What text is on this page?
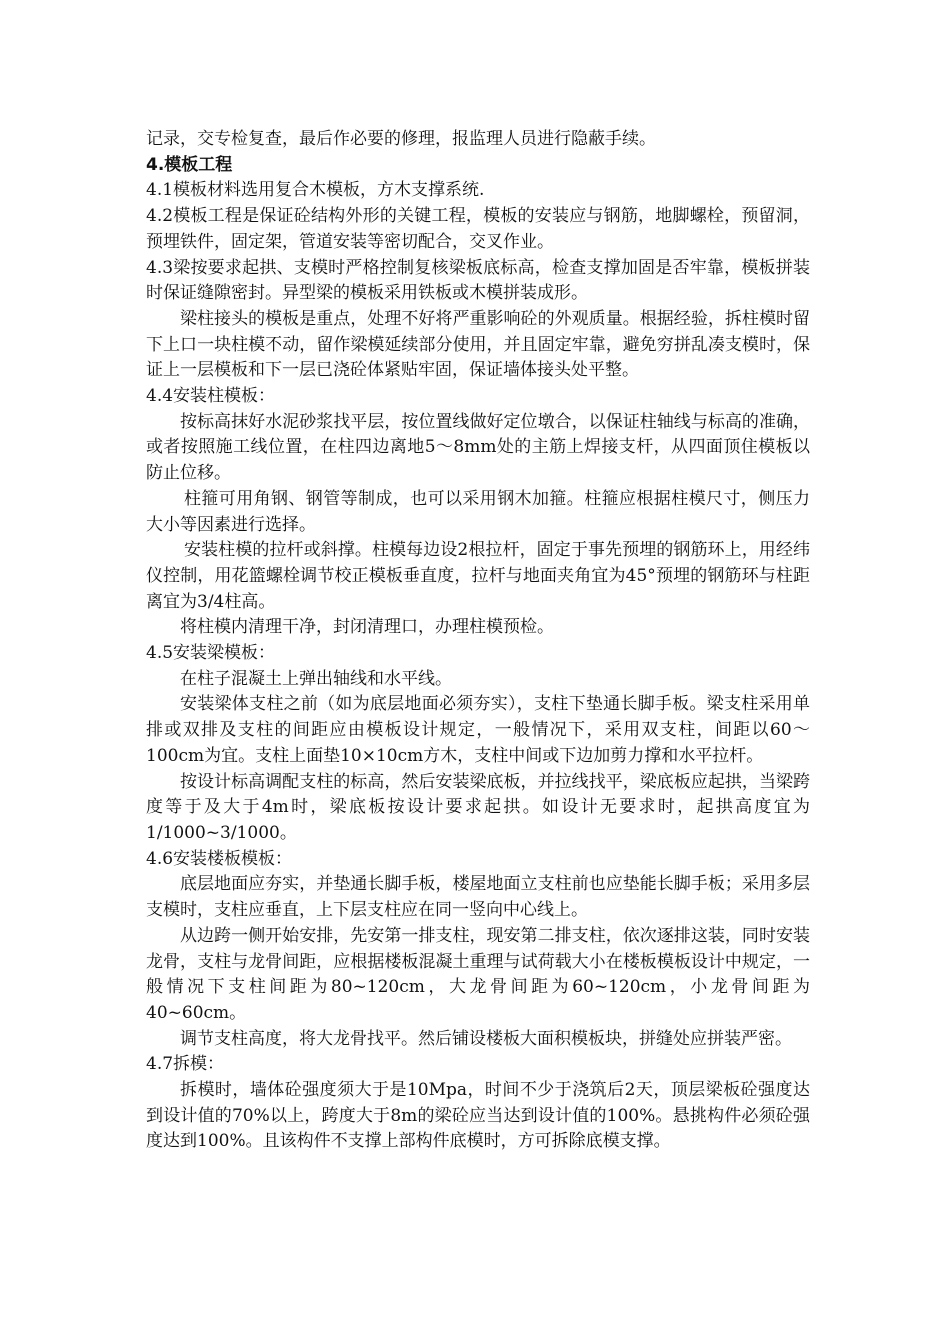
记录，交专检复查，最后作必要的修理，报监理人员进行隐蔽手续。

4.模板工程

4.1模板材料选用复合木模板，方木支撑系统.

4.2模板工程是保证砼结构外形的关键工程，模板的安装应与钢筋，地脚螺栓，预留洞，预埋铁件，固定架，管道安装等密切配合，交叉作业。

4.3梁按要求起拱、支模时严格控制复核梁板底标高，检查支撑加固是否牢靠，模板拼装时保证缝隙密封。异型梁的模板采用铁板或木模拼装成形。

梁柱接头的模板是重点，处理不好将严重影响砼的外观质量。根据经验，拆柱模时留下上口一块柱模不动，留作梁模延续部分使用，并且固定牢靠，避免穷拼乱凑支模时，保证上一层模板和下一层已浇砼体紧贴牢固，保证墙体接头处平整。

4.4安装柱模板：

按标高抹好水泥砂浆找平层，按位置线做好定位墩合，以保证柱轴线与标高的准确，或者按照施工线位置，在柱四边离地5～8mm处的主筋上焊接支杆，从四面顶住模板以防止位移。

柱箍可用角钢、钢管等制成，也可以采用钢木加箍。柱箍应根据柱模尺寸，侧压力大小等因素进行选择。

安装柱模的拉杆或斜撑。柱模每边设2根拉杆，固定于事先预埋的钢筋环上，用经纬仪控制，用花篮螺栓调节校正模板垂直度，拉杆与地面夹角宜为45°预埋的钢筋环与柱距离宜为3/4柱高。

将柱模内清理干净，封闭清理口，办理柱模预检。

4.5安装梁模板：

在柱子混凝土上弹出轴线和水平线。

安装梁体支柱之前（如为底层地面必须夯实），支柱下垫通长脚手板。梁支柱采用单排或双排及支柱的间距应由模板设计规定，一般情况下，采用双支柱，间距以60～100cm为宜。支柱上面垫10×10cm方木，支柱中间或下边加剪力撑和水平拉杆。

按设计标高调配支柱的标高，然后安装梁底板，并拉线找平，梁底板应起拱，当梁跨度等于及大于4m时，梁底板按设计要求起拱。如设计无要求时，起拱高度宜为1/1000~3/1000。

4.6安装楼板模板：

底层地面应夯实，并垫通长脚手板，楼屋地面立支柱前也应垫能长脚手板；采用多层支模时，支柱应垂直，上下层支柱应在同一竖向中心线上。

从边跨一侧开始安排，先安第一排支柱，现安第二排支柱，依次逐排这装，同时安装龙骨，支柱与龙骨间距，应根据楼板混凝土重理与试荷载大小在楼板模板设计中规定，一般情况下支柱间距为80~120cm，大龙骨间距为60~120cm，小龙骨间距为40~60cm。

调节支柱高度，将大龙骨找平。然后铺设楼板大面积模板块，拼缝处应拼装严密。

4.7拆模：

拆模时，墙体砼强度须大于是10Mpa，时间不少于浇筑后2天，顶层梁板砼强度达到设计值的70%以上，跨度大于8m的梁砼应当达到设计值的100%。悬挑构件必须砼强度达到100%。且该构件不支撑上部构件底模时，方可拆除底模支撑。
